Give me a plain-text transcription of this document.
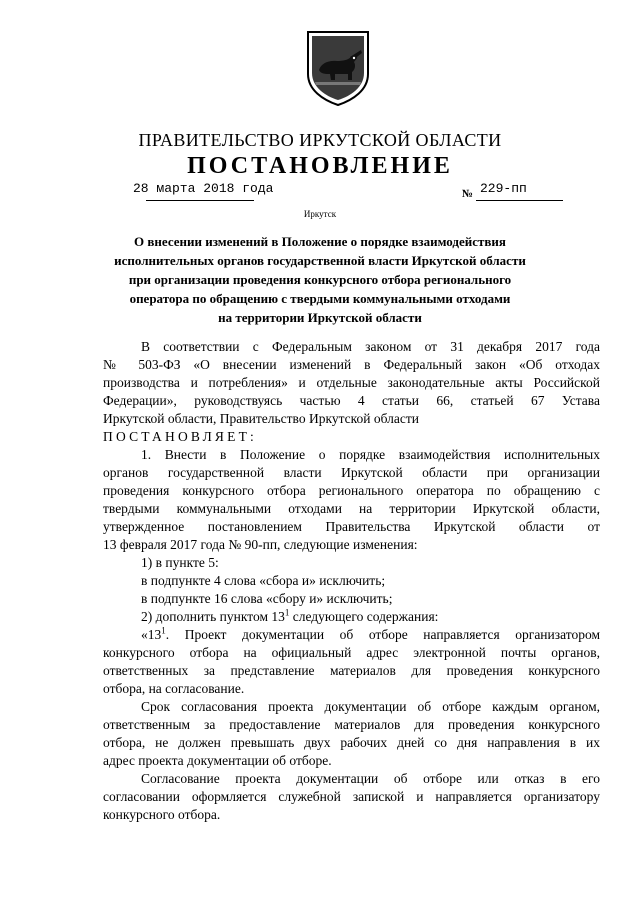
ПРАВИТЕЛЬСТВО ИРКУТСКОЙ ОБЛАСТИ
ПОСТАНОВЛЕНИЕ
28 марта 2018 года	№ 229-пп
Иркутск
О внесении изменений в Положение о порядке взаимодействия
исполнительных органов государственной власти Иркутской области
при организации проведения конкурсного отбора регионального
оператора по обращению с твердыми коммунальными отходами
на территории Иркутской области
В соответствии с Федеральным законом от 31 декабря 2017 года
№ 503-ФЗ «О внесении изменений в Федеральный закон «Об отходах
производства и потребления» и отдельные законодательные акты Российской
Федерации», руководствуясь частью 4 статьи 66, статьей 67 Устава
Иркутской области, Правительство Иркутской области
ПОСТАНОВЛЯЕТ:
1. Внести в Положение о порядке взаимодействия исполнительных
органов государственной власти Иркутской области при организации
проведения конкурсного отбора регионального оператора по обращению с
твердыми коммунальными отходами на территории Иркутской области,
утвержденное постановлением Правительства Иркутской области от
13 февраля 2017 года № 90-пп, следующие изменения:
1) в пункте 5:
в подпункте 4 слова «сбора и» исключить;
в подпункте 16 слова «сбору и» исключить;
2) дополнить пунктом $13^1$ следующего содержания:
«$13^1$. Проект документации об отборе направляется организатором
конкурсного отбора на официальный адрес электронной почты органов,
ответственных за представление материалов для проведения конкурсного
отбора, на согласование.
Срок согласования проекта документации об отборе каждым органом,
ответственным за предоставление материалов для проведения конкурсного
отбора, не должен превышать двух рабочих дней со дня направления в их
адрес проекта документации об отборе.
Согласование проекта документации об отборе или отказ в его
согласовании оформляется служебной запиской и направляется организатору
конкурсного отбора.
